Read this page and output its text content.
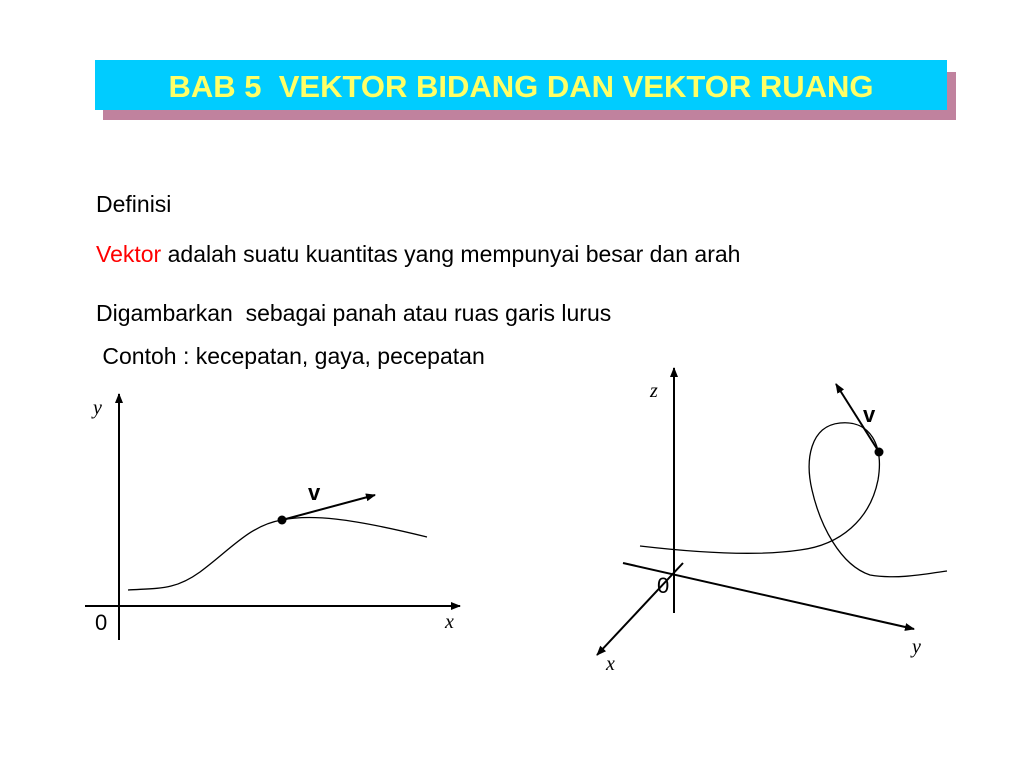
BAB 5  VEKTOR BIDANG DAN VEKTOR RUANG
Definisi
Vektor adalah suatu kuantitas yang mempunyai besar dan arah
Digambarkan  sebagai panah atau ruas garis lurus
Contoh : kecepatan, gaya, pecepatan
y
x
0
v
z
y
x
0
v
